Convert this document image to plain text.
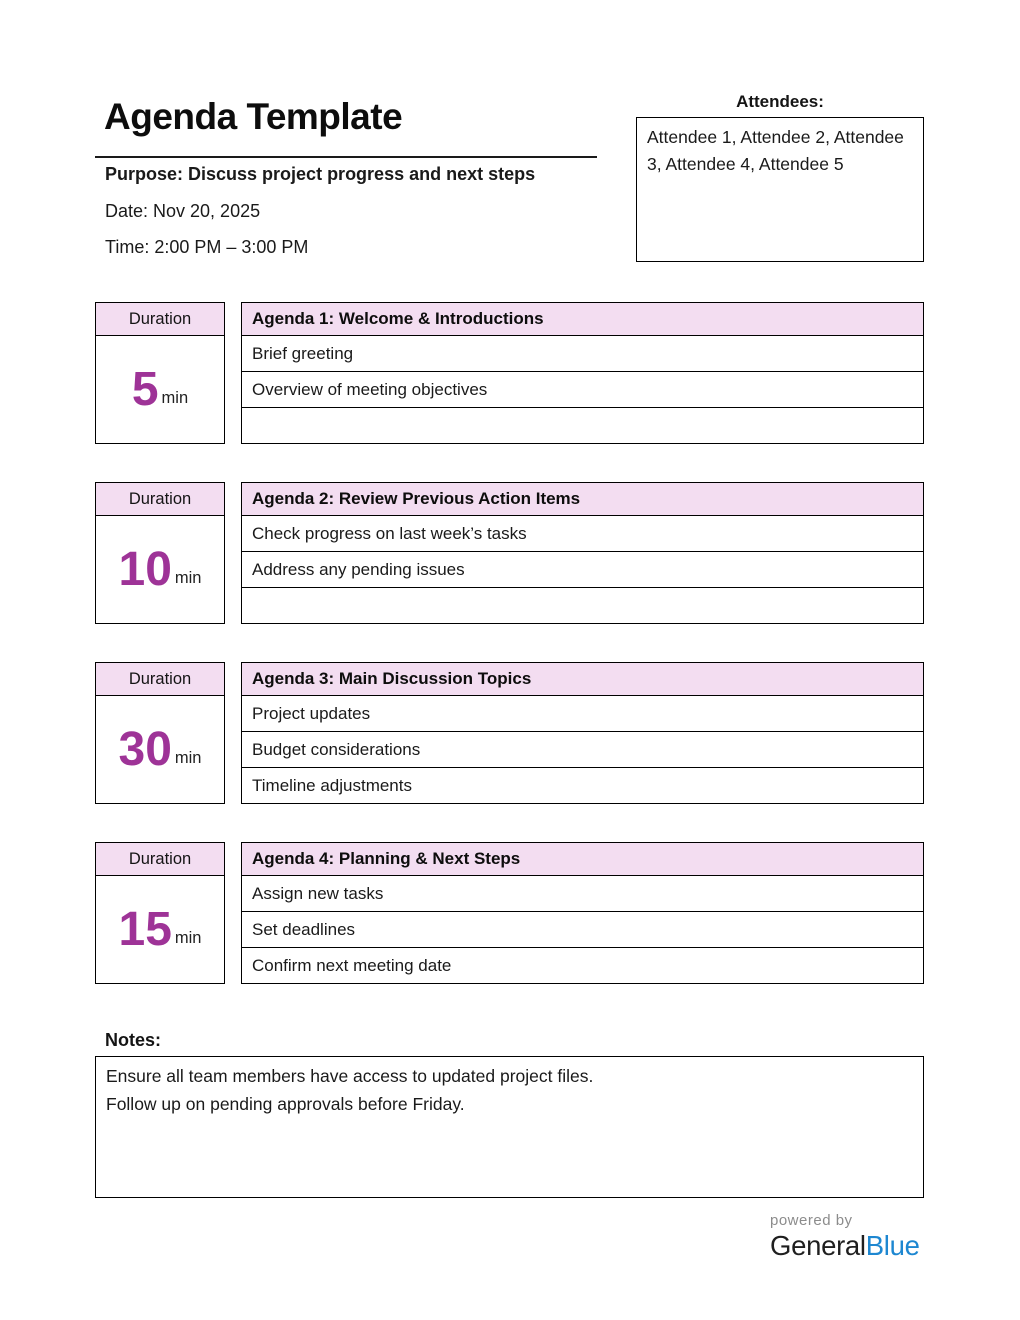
Agenda Template
Purpose: Discuss project progress and next steps
Date: Nov 20, 2025
Time: 2:00 PM – 3:00 PM
Attendees:
Attendee 1, Attendee 2, Attendee 3, Attendee 4, Attendee 5
Duration
5 min
Agenda 1: Welcome & Introductions
Brief greeting
Overview of meeting objectives
Duration
10 min
Agenda 2: Review Previous Action Items
Check progress on last week’s tasks
Address any pending issues
Duration
30 min
Agenda 3: Main Discussion Topics
Project updates
Budget considerations
Timeline adjustments
Duration
15 min
Agenda 4: Planning & Next Steps
Assign new tasks
Set deadlines
Confirm next meeting date
Notes:
Ensure all team members have access to updated project files.
Follow up on pending approvals before Friday.
powered by
GeneralBlue
